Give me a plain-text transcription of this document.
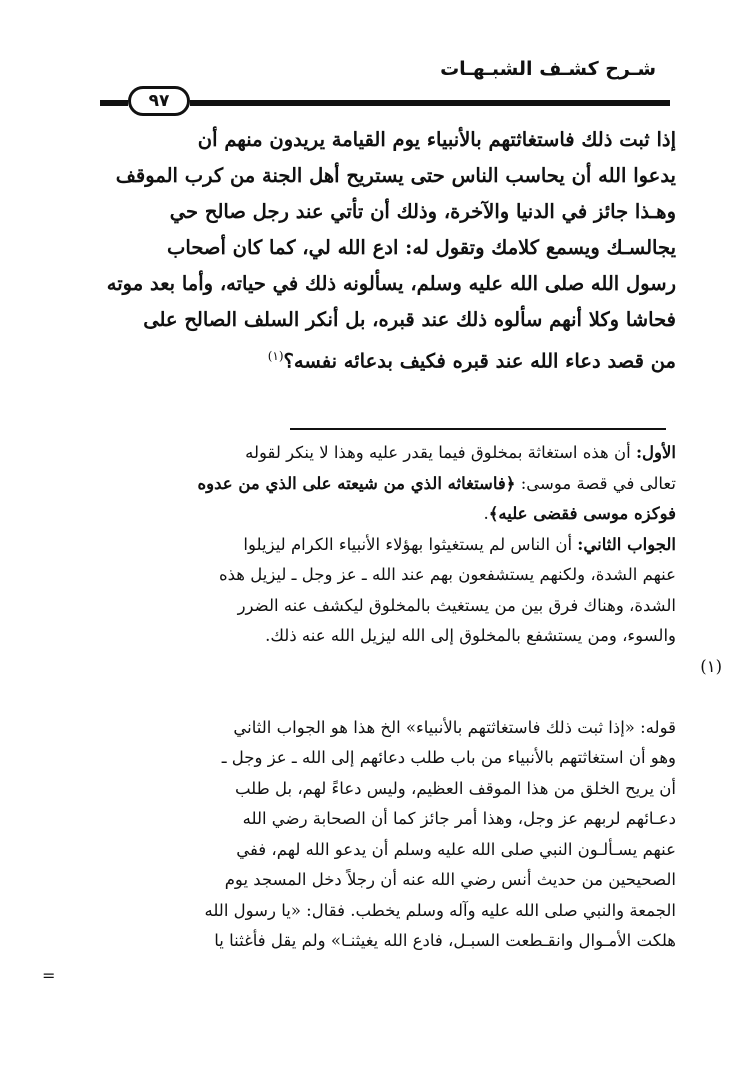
شـرح كشـف الشبـهـات
٩٧
إذا ثبت ذلك فاستغاثتهم بالأنبياء يوم القيامة يريدون منهم أن
يدعوا الله أن يحاسب الناس حتى يستريح أهل الجنة من كرب الموقف
وهـذا جائز في الدنيا والآخرة، وذلك أن تأتي عند رجل صالح حي
يجالسـك ويسمع كلامك وتقول له: ادع الله لي، كما كان أصحاب
رسول الله صلى الله عليه وسلم، يسألونه ذلك في حياته، وأما بعد موته
فحاشا وكلا أنهم سألوه ذلك عند قبره، بل أنكر السلف الصالح على
من قصد دعاء الله عند قبره فكيف بدعائه نفسه؟$^{(١)}$

الأول: أن هذه استغاثة بمخلوق فيما يقدر عليه وهذا لا ينكر لقوله
تعالى في قصة موسى: ﴿فاستغاثه الذي من شيعته على الذي من عدوه
فوكزه موسى فقضى عليه﴾.

الجواب الثاني: أن الناس لم يستغيثوا بهؤلاء الأنبياء الكرام ليزيلوا
عنهم الشدة، ولكنهم يستشفعون بهم عند الله ـ عز وجل ـ ليزيل هذه
الشدة، وهناك فرق بين من يستغيث بالمخلوق ليكشف عنه الضرر
والسوء، ومن يستشفع بالمخلوق إلى الله ليزيل الله عنه ذلك.

(١)

قوله: «إذا ثبت ذلك فاستغاثتهم بالأنبياء» الخ هذا هو الجواب الثاني
وهو أن استغاثتهم بالأنبياء من باب طلب دعائهم إلى الله ـ عز وجل ـ
أن يريح الخلق من هذا الموقف العظيم، وليس دعاءً لهم، بل طلب
دعـائهم لربهم عز وجل، وهذا أمر جائز كما أن الصحابة رضي الله
عنهم يسـألـون النبي صلى الله عليه وسلم أن يدعو الله لهم، ففي
الصحيحين من حديث أنس رضي الله عنه أن رجلاً دخل المسجد يوم
الجمعة والنبي صلى الله عليه وآله وسلم يخطب. فقال: «يا رسول الله
هلكت الأمـوال وانقـطعت السبـل، فادع الله يغيثنـا» ولم يقل فأغثنا يا

=
